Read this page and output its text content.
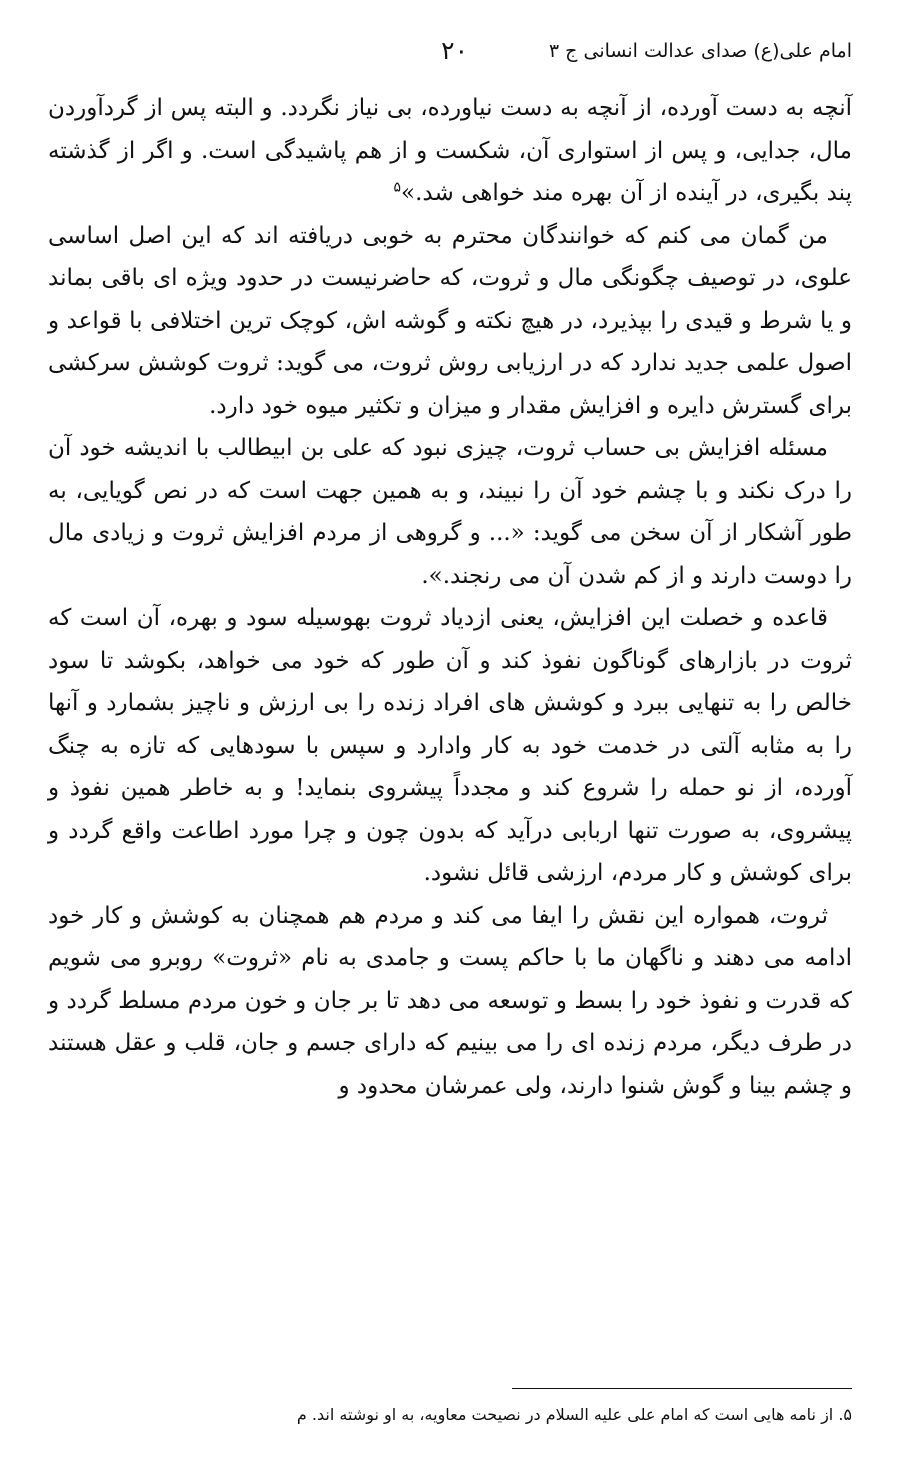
امام علی(ع) صدای عدالت انسانی ج ۳
۲۰

آنچه به دست آورده، از آنچه به دست نیاورده، بی نیاز نگردد. و البته پس از گردآوردن مال، جدایی، و پس از استواری آن، شکست و از هم پاشیدگی است. و اگر از گذشته پند بگیری، در آینده از آن بهره مند خواهی شد.»$^۵$

من گمان می کنم که خوانندگان محترم به خوبی دریافته اند که این اصل اساسی علوی، در توصیف چگونگی مال و ثروت، که حاضرنیست در حدود ویژه ای باقی بماند و یا شرط و قیدی را بپذیرد، در هیچ نکته و گوشه اش، کوچک ترین اختلافی با قواعد و اصول علمی جدید ندارد که در ارزیابی روش ثروت، می گوید: ثروت کوشش سرکشی برای گسترش دایره و افزایش مقدار و میزان و تکثیر میوه خود دارد.

مسئله افزایش بی حساب ثروت، چیزی نبود که علی بن ابیطالب با اندیشه خود آن را درک نکند و با چشم خود آن را نبیند، و به همین جهت است که در نص گویایی، به طور آشکار از آن سخن می گوید: «... و گروهی از مردم افزایش ثروت و زیادی مال را دوست دارند و از کم شدن آن می رنجند.».

قاعده و خصلت این افزایش، یعنی ازدیاد ثروت بهوسیله سود و بهره، آن است که ثروت در بازارهای گوناگون نفوذ کند و آن طور که خود می خواهد، بکوشد تا سود خالص را به تنهایی ببرد و کوشش های افراد زنده را بی ارزش و ناچیز بشمارد و آنها را به مثابه آلتی در خدمت خود به کار وادارد و سپس با سودهایی که تازه به چنگ آورده، از نو حمله را شروع کند و مجدداً پیشروی بنماید! و به خاطر همین نفوذ و پیشروی، به صورت تنها اربابی درآید که بدون چون و چرا مورد اطاعت واقع گردد و برای کوشش و کار مردم، ارزشی قائل نشود.

ثروت، همواره این نقش را ایفا می کند و مردم هم همچنان به کوشش و کار خود ادامه می دهند و ناگهان ما با حاکم پست و جامدی به نام «ثروت» روبرو می شویم که قدرت و نفوذ خود را بسط و توسعه می دهد تا بر جان و خون مردم مسلط گردد و در طرف دیگر، مردم زنده ای را می بینیم که دارای جسم و جان، قلب و عقل هستند و چشم بینا و گوش شنوا دارند، ولی عمرشان محدود و

۵. از نامه هایی است که امام علی علیه السلام در نصیحت معاویه، به او نوشته اند. م
